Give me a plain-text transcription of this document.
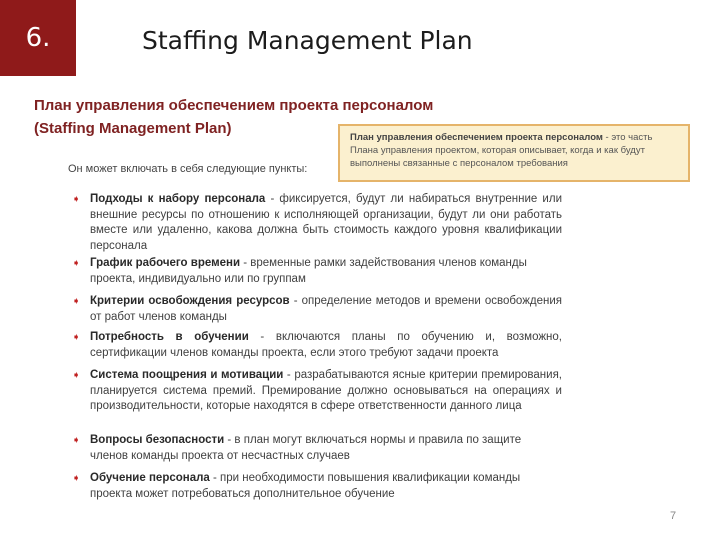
6.	Staffing Management Plan
План управления обеспечением проекта персоналом
(Staffing Management Plan)
План управления обеспечением проекта персоналом - это часть Плана управления проектом, которая описывает, когда и как будут выполнены связанные с персоналом требования
Он может включать в себя следующие пункты:
➧ Подходы к набору персонала - фиксируется, будут ли набираться внутренние или внешние ресурсы по отношению к исполняющей организации, будут ли они работать вместе или удаленно, какова должна быть стоимость каждого уровня квалификации персонала
➧ График рабочего времени - временные рамки задействования членов команды проекта, индивидуально или по группам
➧ Критерии освобождения ресурсов - определение методов и времени освобождения от работ членов команды
➧ Потребность в обучении - включаются планы по обучению и, возможно, сертификации членов команды проекта, если этого требуют задачи проекта
➧ Система поощрения и мотивации - разрабатываются ясные критерии премирования, планируется система премий. Премирование должно основываться на операциях и производительности, которые находятся в сфере ответственности данного лица
➧ Вопросы безопасности - в план могут включаться нормы и правила по защите членов команды проекта от несчастных случаев
➧ Обучение персонала - при необходимости повышения квалификации команды проекта может потребоваться дополнительное обучение
7
